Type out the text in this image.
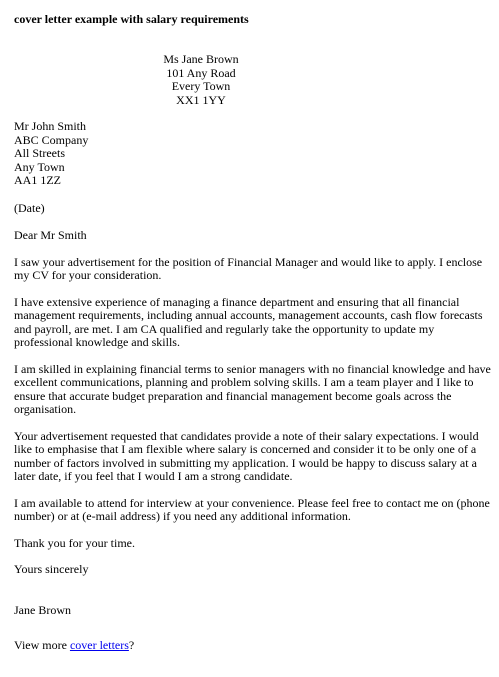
cover letter example with salary requirements
Ms Jane Brown
101 Any Road
Every Town
XX1 1YY
Mr John Smith
ABC Company
All Streets
Any Town
AA1 1ZZ
(Date)
Dear Mr Smith

I saw your advertisement for the position of Financial Manager and would like to apply. I enclose my CV for your consideration.

I have extensive experience of managing a finance department and ensuring that all financial management requirements, including annual accounts, management accounts, cash flow forecasts and payroll, are met. I am CA qualified and regularly take the opportunity to update my professional knowledge and skills.

I am skilled in explaining financial terms to senior managers with no financial knowledge and have excellent communications, planning and problem solving skills. I am a team player and I like to ensure that accurate budget preparation and financial management become goals across the organisation.

Your advertisement requested that candidates provide a note of their salary expectations. I would like to emphasise that I am flexible where salary is concerned and consider it to be only one of a number of factors involved in submitting my application. I would be happy to discuss salary at a later date, if you feel that I would I am a strong candidate.

I am available to attend for interview at your convenience. Please feel free to contact me on (phone number) or at (e-mail address) if you need any additional information.

Thank you for your time.

Yours sincerely

Jane Brown

View more cover letters?
